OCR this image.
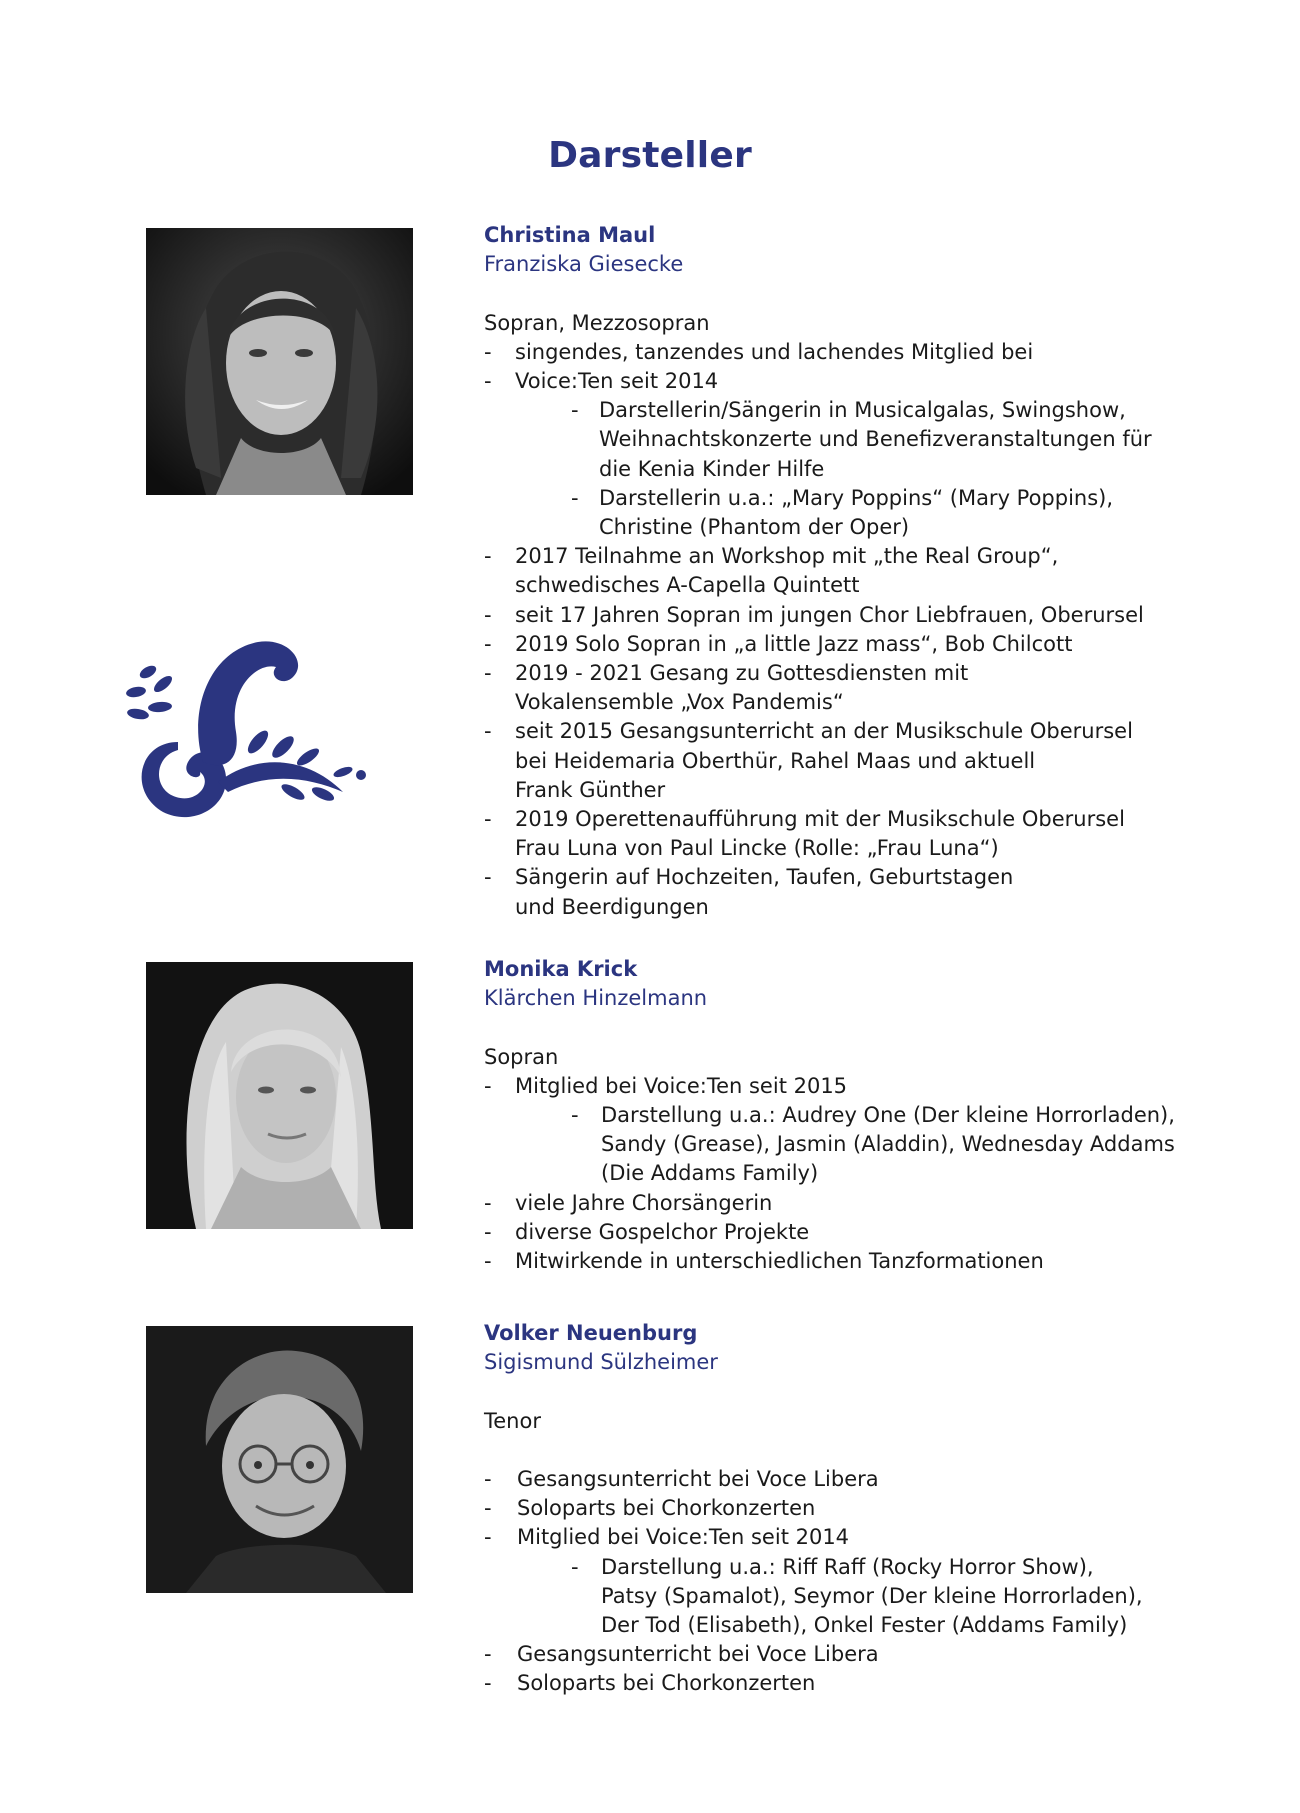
Darsteller
Christina Maul
Franziska Giesecke
Sopran, Mezzosopran
- singendes, tanzendes und lachendes Mitglied bei
- Voice:Ten seit 2014
- Darstellerin/Sängerin in Musicalgalas, Swingshow,
Weihnachtskonzerte und Benefizveranstaltungen für
die Kenia Kinder Hilfe
- Darstellerin u.a.: „Mary Poppins“ (Mary Poppins),
Christine (Phantom der Oper)
- 2017 Teilnahme an Workshop mit „the Real Group“,
schwedisches A-Capella Quintett
- seit 17 Jahren Sopran im jungen Chor Liebfrauen, Oberursel
- 2019 Solo Sopran in „a little Jazz mass“, Bob Chilcott
- 2019 - 2021 Gesang zu Gottesdiensten mit
Vokalensemble „Vox Pandemis“
- seit 2015 Gesangsunterricht an der Musikschule Oberursel
bei Heidemaria Oberthür, Rahel Maas und aktuell
Frank Günther
- 2019 Operettenaufführung mit der Musikschule Oberursel
Frau Luna von Paul Lincke (Rolle: „Frau Luna“)
- Sängerin auf Hochzeiten, Taufen, Geburtstagen
und Beerdigungen
Monika Krick
Klärchen Hinzelmann
Sopran
- Mitglied bei Voice:Ten seit 2015
- Darstellung u.a.: Audrey One (Der kleine Horrorladen),
Sandy (Grease), Jasmin (Aladdin), Wednesday Addams
(Die Addams Family)
- viele Jahre Chorsängerin
- diverse Gospelchor Projekte
- Mitwirkende in unterschiedlichen Tanzformationen
Volker Neuenburg
Sigismund Sülzheimer
Tenor
- Gesangsunterricht bei Voce Libera
- Soloparts bei Chorkonzerten
- Mitglied bei Voice:Ten seit 2014
- Darstellung u.a.: Riff Raff (Rocky Horror Show),
Patsy (Spamalot), Seymor (Der kleine Horrorladen),
Der Tod (Elisabeth), Onkel Fester (Addams Family)
- Gesangsunterricht bei Voce Libera
- Soloparts bei Chorkonzerten
